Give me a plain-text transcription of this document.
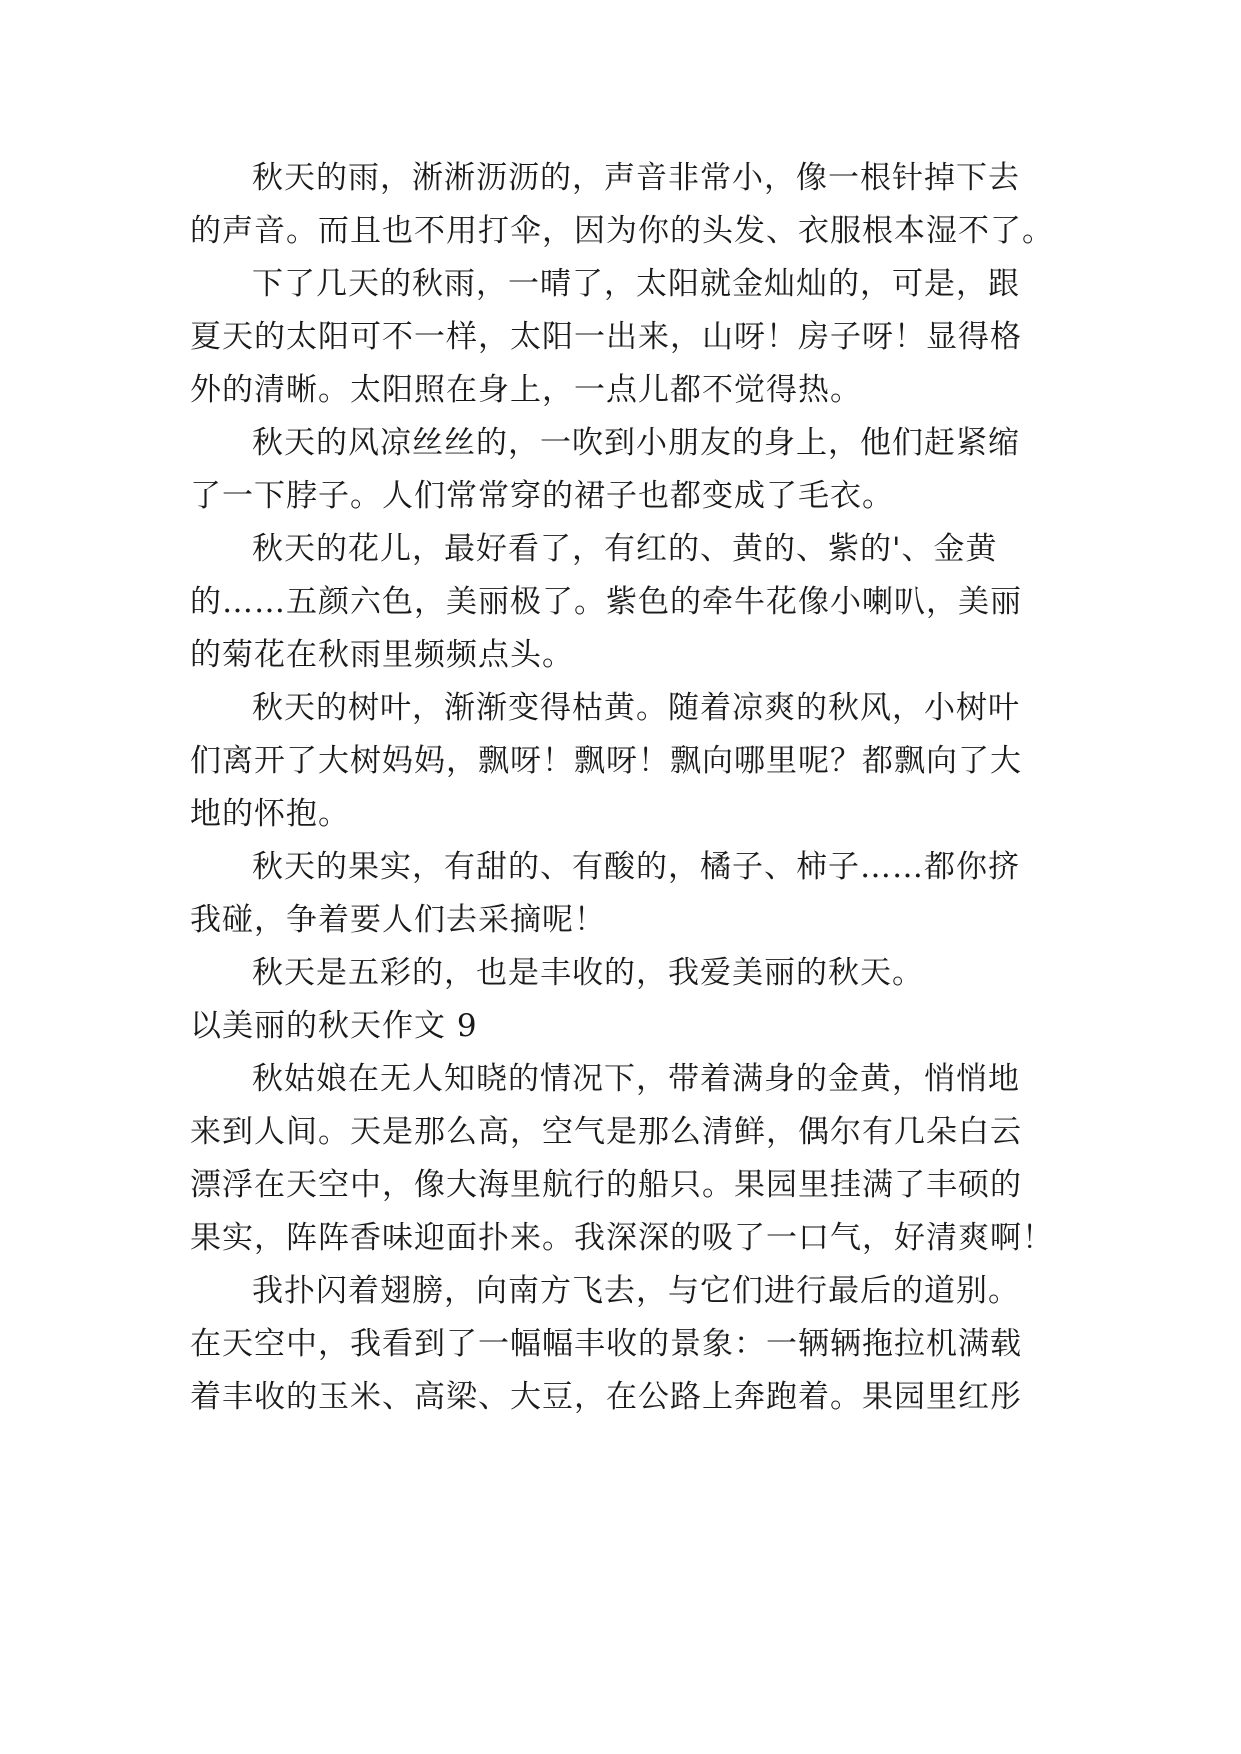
秋天的雨，淅淅沥沥的，声音非常小，像一根针掉下去
的声音。而且也不用打伞，因为你的头发、衣服根本湿不了。
下了几天的秋雨，一晴了，太阳就金灿灿的，可是，跟
夏天的太阳可不一样，太阳一出来，山呀！房子呀！显得格
外的清晰。太阳照在身上，一点儿都不觉得热。
秋天的风凉丝丝的，一吹到小朋友的身上，他们赶紧缩
了一下脖子。人们常常穿的裙子也都变成了毛衣。
秋天的花儿，最好看了，有红的、黄的、紫的'、金黄
的……五颜六色，美丽极了。紫色的牵牛花像小喇叭，美丽
的菊花在秋雨里频频点头。
秋天的树叶，渐渐变得枯黄。随着凉爽的秋风，小树叶
们离开了大树妈妈，飘呀！飘呀！飘向哪里呢？都飘向了大
地的怀抱。
秋天的果实，有甜的、有酸的，橘子、柿子……都你挤
我碰，争着要人们去采摘呢！
秋天是五彩的，也是丰收的，我爱美丽的秋天。
以美丽的秋天作文 9
秋姑娘在无人知晓的情况下，带着满身的金黄，悄悄地
来到人间。天是那么高，空气是那么清鲜，偶尔有几朵白云
漂浮在天空中，像大海里航行的船只。果园里挂满了丰硕的
果实，阵阵香味迎面扑来。我深深的吸了一口气，好清爽啊！
我扑闪着翅膀，向南方飞去，与它们进行最后的道别。
在天空中，我看到了一幅幅丰收的景象：一辆辆拖拉机满载
着丰收的玉米、高梁、大豆，在公路上奔跑着。果园里红彤
